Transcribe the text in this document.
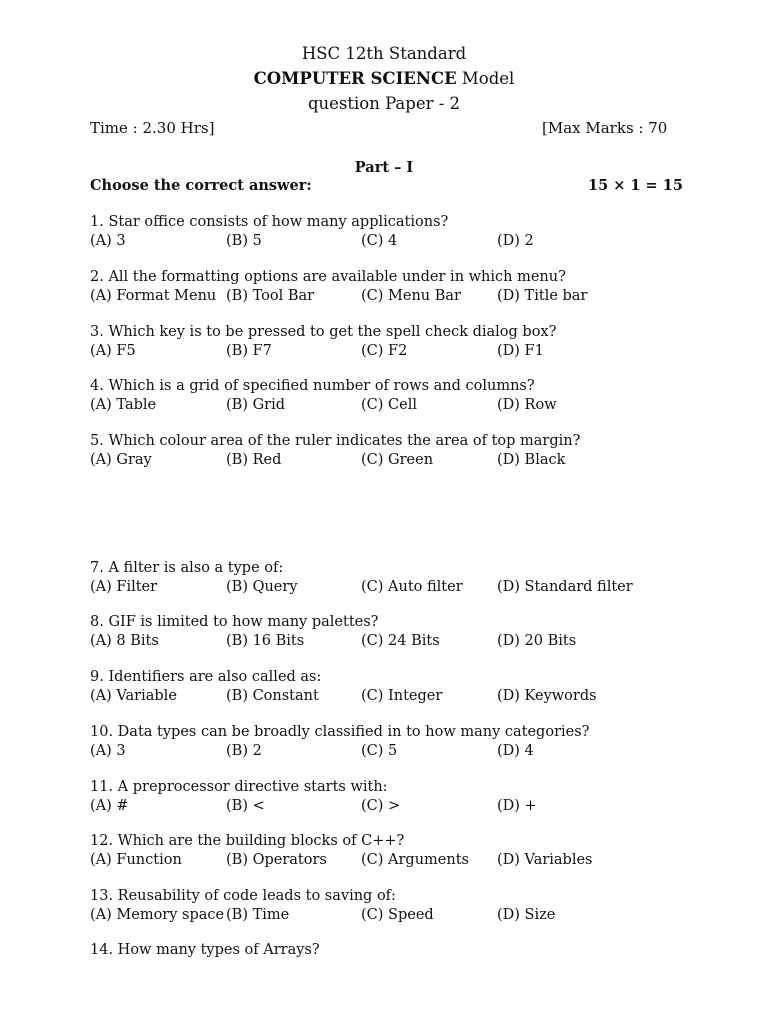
HSC 12th Standard
COMPUTER SCIENCE Model
question Paper - 2
Time : 2.30 Hrs]	[Max Marks : 70
Part – I
Choose the correct answer:	15 × 1 = 15
1. Star office consists of how many applications?
(A) 3	(B) 5	(C) 4	(D) 2
2. All the formatting options are available under in which menu?
(A) Format Menu (B) Tool Bar	(C) Menu Bar (D) Title bar
3. Which key is to be pressed to get the spell check dialog box?
(A) F5	(B) F7	(C) F2	(D) F1
4. Which is a grid of specified number of rows and columns?
(A) Table	(B) Grid	(C) Cell	(D) Row
5. Which colour area of the ruler indicates the area of top margin?
(A) Gray	(B) Red	(C) Green	(D) Black
7. A filter is also a type of:
(A) Filter	(B) Query	(C) Auto filter (D) Standard filter
8. GIF is limited to how many palettes?
(A) 8 Bits	(B) 16 Bits	(C) 24 Bits	(D) 20 Bits
9. Identifiers are also called as:
(A) Variable	(B) Constant	(C) Integer	(D) Keywords
10. Data types can be broadly classified in to how many categories?
(A) 3	(B) 2	(C) 5	(D) 4
11. A preprocessor directive starts with:
(A) #	(B) <	(C) >	(D) +
12. Which are the building blocks of C++?
(A) Function	(B) Operators (C) Arguments (D) Variables
13. Reusability of code leads to saving of:
(A) Memory space (B) Time	(C) Speed	(D) Size
14. How many types of Arrays?
